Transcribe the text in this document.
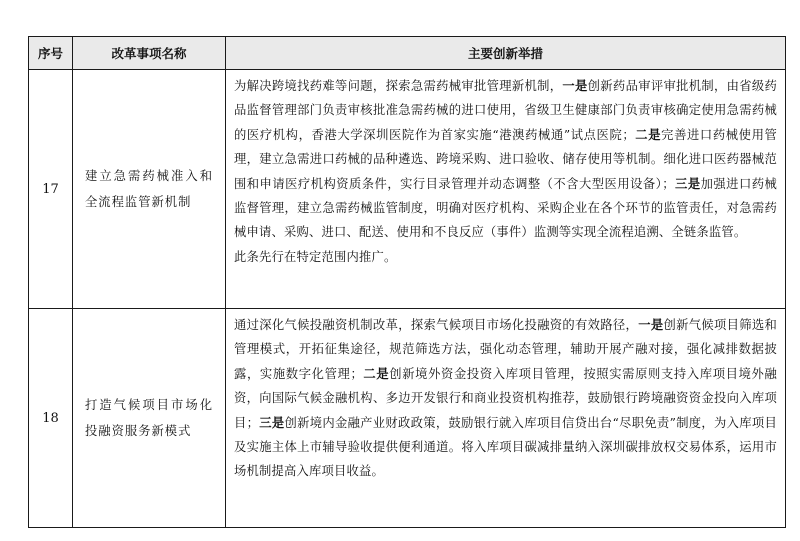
序号	改革事项名称	主要创新举措
17	建立急需药械准入和全流程监管新机制	为解决跨境找药难等问题，探索急需药械审批管理新机制，一是创新药品审评审批机制，由省级药品监督管理部门负责审核批准急需药械的进口使用，省级卫生健康部门负责审核确定使用急需药械的医疗机构，香港大学深圳医院作为首家实施“港澳药械通”试点医院；二是完善进口药械使用管理，建立急需进口药械的品种遴选、跨境采购、进口验收、储存使用等机制。细化进口医药器械范围和申请医疗机构资质条件，实行目录管理并动态调整（不含大型医用设备）；三是加强进口药械监督管理，建立急需药械监管制度，明确对医疗机构、采购企业在各个环节的监管责任，对急需药械申请、采购、进口、配送、使用和不良反应（事件）监测等实现全流程追溯、全链条监管。
此条先行在特定范围内推广。
18	打造气候项目市场化投融资服务新模式	通过深化气候投融资机制改革，探索气候项目市场化投融资的有效路径，一是创新气候项目筛选和管理模式，开拓征集途径，规范筛选方法，强化动态管理，辅助开展产融对接，强化减排数据披露，实施数字化管理；二是创新境外资金投资入库项目管理，按照实需原则支持入库项目境外融资，向国际气候金融机构、多边开发银行和商业投资机构推荐，鼓励银行跨境融资资金投向入库项目；三是创新境内金融产业财政政策，鼓励银行就入库项目信贷出台“尽职免责”制度，为入库项目及实施主体上市辅导验收提供便利通道。将入库项目碳减排量纳入深圳碳排放权交易体系，运用市场机制提高入库项目收益。
